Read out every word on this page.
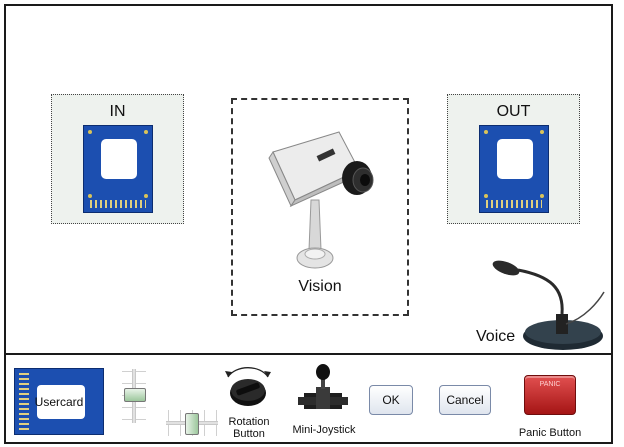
IN
Vision
OUT
Voice
Usercard
Rotation Button	Mini-Joystick
OK	Cancel
PANIC
Panic Button
